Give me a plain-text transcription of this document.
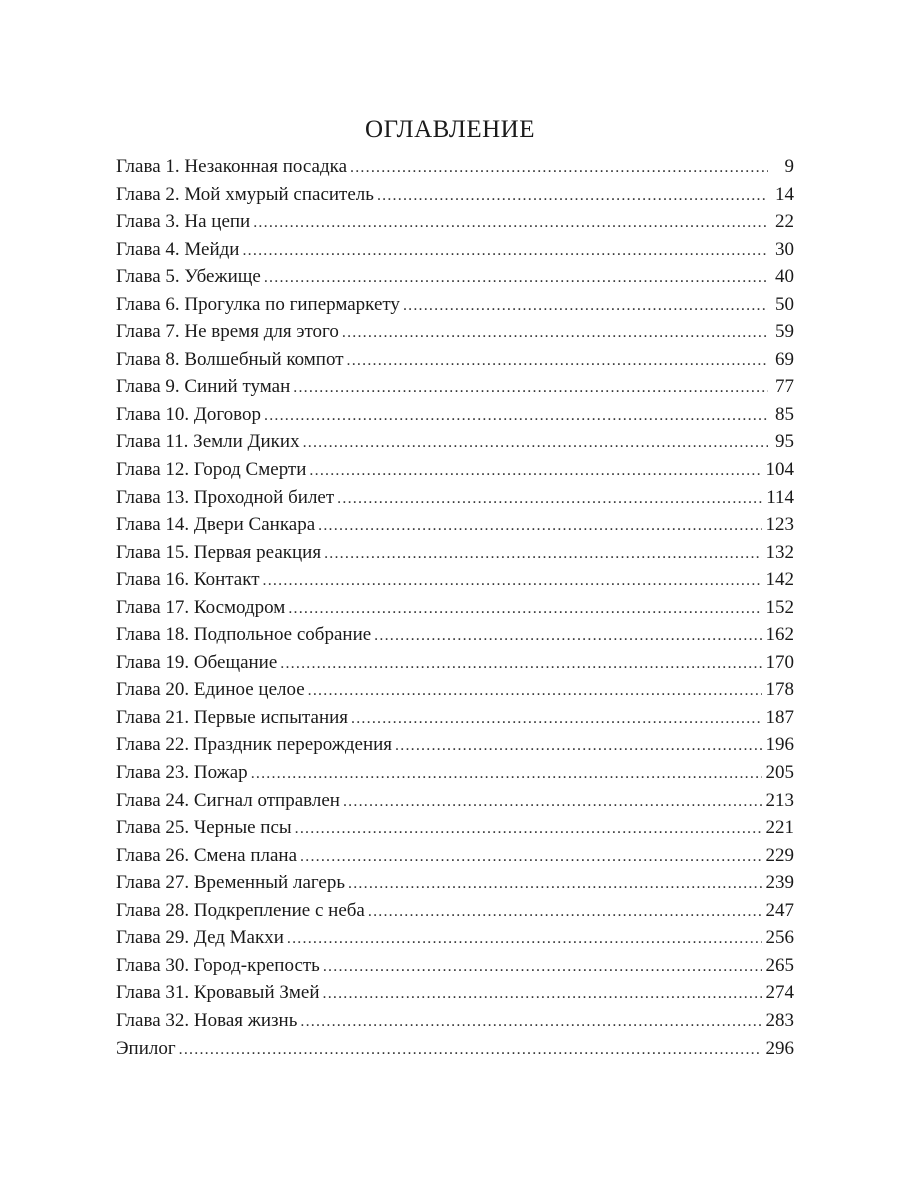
ОГЛАВЛЕНИЕ
Глава 1. Незаконная посадка .....	9
Глава 2. Мой хмурый спаситель .....	14
Глава 3. На цепи .....	22
Глава 4. Мейди .....	30
Глава 5. Убежище .....	40
Глава 6. Прогулка по гипермаркету .....	50
Глава 7. Не время для этого .....	59
Глава 8. Волшебный компот .....	69
Глава 9. Синий туман .....	77
Глава 10. Договор .....	85
Глава 11. Земли Диких .....	95
Глава 12. Город Смерти .....	104
Глава 13. Проходной билет .....	114
Глава 14. Двери Санкара .....	123
Глава 15. Первая реакция .....	132
Глава 16. Контакт .....	142
Глава 17. Космодром .....	152
Глава 18. Подпольное собрание .....	162
Глава 19. Обещание .....	170
Глава 20. Единое целое .....	178
Глава 21. Первые испытания .....	187
Глава 22. Праздник перерождения .....	196
Глава 23. Пожар .....	205
Глава 24. Сигнал отправлен .....	213
Глава 25. Черные псы .....	221
Глава 26. Смена плана .....	229
Глава 27. Временный лагерь .....	239
Глава 28. Подкрепление с неба .....	247
Глава 29. Дед Макхи .....	256
Глава 30. Город-крепость .....	265
Глава 31. Кровавый Змей .....	274
Глава 32. Новая жизнь .....	283
Эпилог .....	296
